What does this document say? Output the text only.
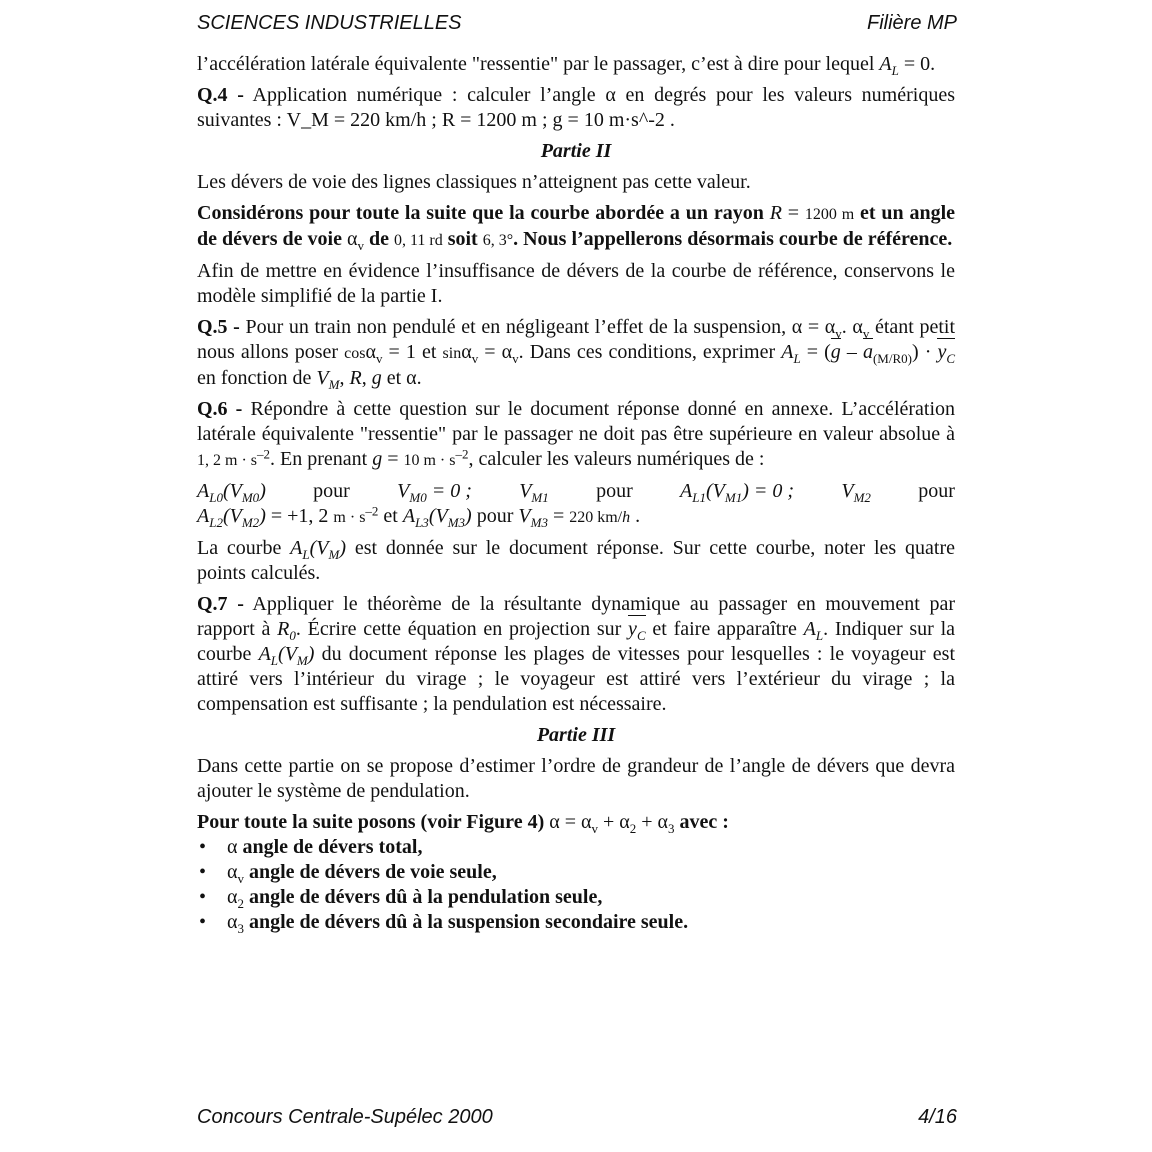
SCIENCES INDUSTRIELLES	Filière MP

l’accélération latérale équivalente "ressentie" par le passager, c’est à dire pour lequel $A_L = 0$.

Q.4 - Application numérique : calculer l’angle α en degrés pour les valeurs numériques suivantes : V_M = 220 km/h ; R = 1200 m ; g = 10 m·s^-2 .

Partie II

Les dévers de voie des lignes classiques n’atteignent pas cette valeur.

Considérons pour toute la suite que la courbe abordée a un rayon R = 1200 m et un angle de dévers de voie $\alpha_v$ de 0, 11 rd soit 6, 3°. Nous l’appellerons désormais courbe de référence.

Afin de mettre en évidence l’insuffisance de dévers de la courbe de référence, conservons le modèle simplifié de la partie I.

Q.5 - Pour un train non pendulé et en négligeant l’effet de la suspension, $\alpha = \alpha_v$. $\alpha_v$ étant petit nous allons poser cosα$_v$ = 1 et $\sin\alpha_v = \alpha_v$. Dans ces conditions, exprimer $A_L = (g - a_{(M/R0)}) \cdot y_C$ en fonction de $V_M$, R, g et α.

Q.6 - Répondre à cette question sur le document réponse donné en annexe. L’accélération latérale équivalente "ressentie" par le passager ne doit pas être supérieure en valeur absolue à 1, 2 $m \cdot s^{-2}$. En prenant g = 10 $m \cdot s^{-2}$, calculer les valeurs numériques de :

$A_{L0}(V_{M0})$ pour $V_{M0} = 0$ ; $V_{M1}$ pour $A_{L1}(V_{M1}) = 0$ ; $V_{M2}$ pour

$A_{L2}(V_{M2}) = +1$, 2 $m \cdot s^{-2}$ et $A_{L3}(V_{M3})$ pour $V_{M3} = 220$ km/h .

La courbe $A_L(V_M)$ est donnée sur le document réponse. Sur cette courbe, noter les quatre points calculés.

Q.7 - Appliquer le théorème de la résultante dynamique au passager en mouvement par rapport à $R_0$. Écrire cette équation en projection sur $y_C$ et faire apparaître $A_L$. Indiquer sur la courbe $A_L(V_M)$ du document réponse les plages de vitesses pour lesquelles : le voyageur est attiré vers l’intérieur du virage ; le voyageur est attiré vers l’extérieur du virage ; la compensation est suffisante ; la pendulation est nécessaire.

Partie III

Dans cette partie on se propose d’estimer l’ordre de grandeur de l’angle de dévers que devra ajouter le système de pendulation.

Pour toute la suite posons (voir Figure 4) $\alpha = \alpha_v + \alpha_2 + \alpha_3$ avec :

• α angle de dévers total,
• $\alpha_v$ angle de dévers de voie seule,
• $\alpha_2$ angle de dévers dû à la pendulation seule,
• $\alpha_3$ angle de dévers dû à la suspension secondaire seule.
Concours Centrale-Supélec 2000	4/16
